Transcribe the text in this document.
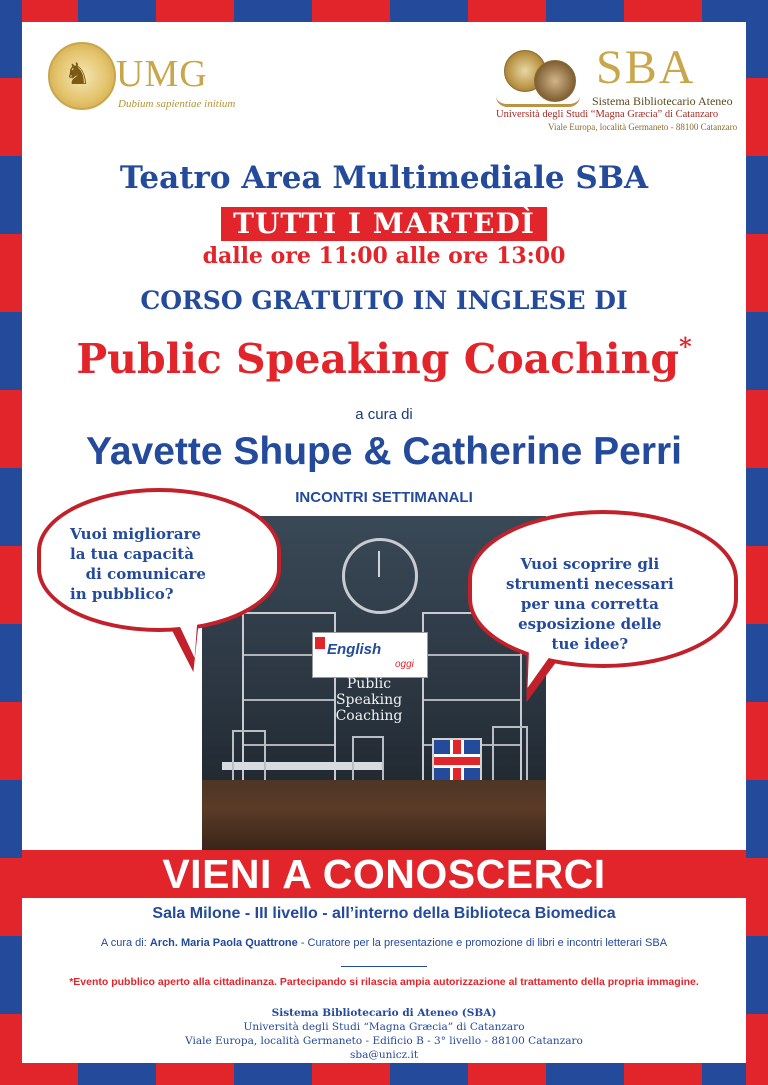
♞ UMG
Dubium sapientiae initium
SBA
Sistema Bibliotecario Ateneo
Università degli Studi “Magna Græcia” di Catanzaro
Viale Europa, località Germaneto - 88100 Catanzaro
Teatro Area Multimediale SBA
TUTTI I MARTEDÌ
dalle ore 11:00 alle ore 13:00
CORSO GRATUITO IN INGLESE DI
Public Speaking Coaching*
a cura di
Yavette Shupe & Catherine Perri
INCONTRI SETTIMANALI
English
oggi
Public
Speaking
Coaching
Vuoi migliorare
la tua capacità
di comunicare
in pubblico?
Vuoi scoprire gli
strumenti necessari
per una corretta
esposizione delle
tue idee?
VIENI A CONOSCERCI
Sala Milone - III livello - all’interno della Biblioteca Biomedica
A cura di: Arch. Maria Paola Quattrone - Curatore per la presentazione e promozione di libri e incontri letterari SBA
*Evento pubblico aperto alla cittadinanza. Partecipando si rilascia ampia autorizzazione al trattamento della propria immagine.
Sistema Bibliotecario di Ateneo (SBA)
Università degli Studi “Magna Græcia” di Catanzaro
Viale Europa, località Germaneto - Edificio B - 3° livello - 88100 Catanzaro
sba@unicz.it
